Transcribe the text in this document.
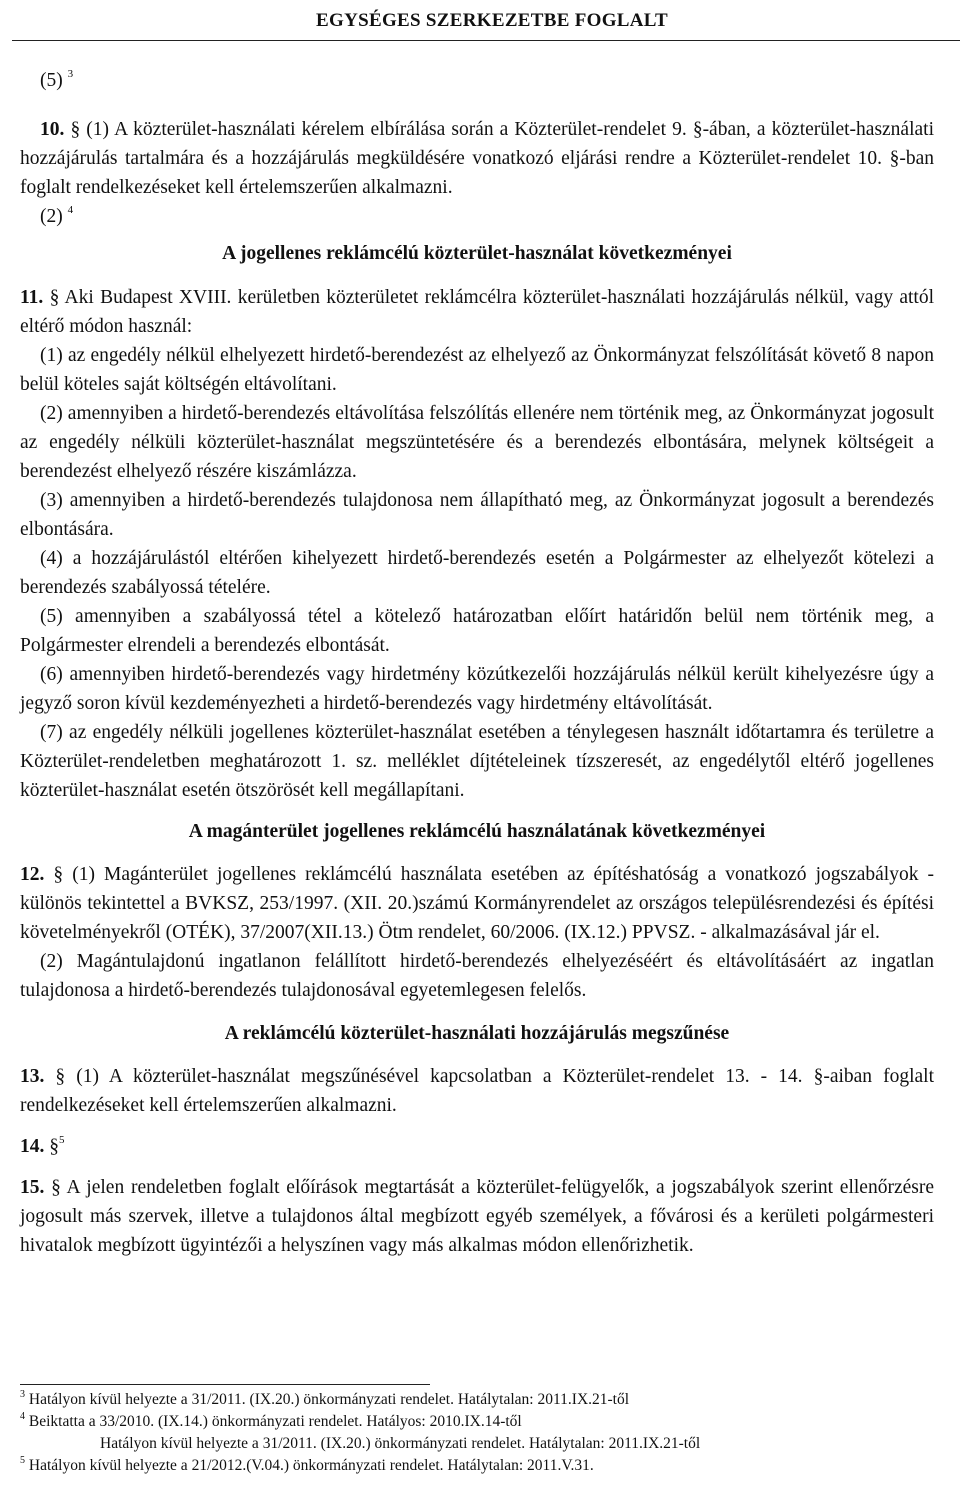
EGYSÉGES SZERKEZETBE FOGLALT

(5) $^3$

10. § (1) A közterület-használati kérelem elbírálása során a Közterület-rendelet 9. §-ában, a közterület-használati hozzájárulás tartalmára és a hozzájárulás megküldésére vonatkozó eljárási rendre a Közterület-rendelet 10. §-ban foglalt rendelkezéseket kell értelemszerűen alkalmazni.

(2) $^4$

A jogellenes reklámcélú közterület-használat következményei

11. § Aki Budapest XVIII. kerületben közterületet reklámcélra közterület-használati hozzájárulás nélkül, vagy attól eltérő módon használ:

(1) az engedély nélkül elhelyezett hirdető-berendezést az elhelyező az Önkormányzat felszólítását követő 8 napon belül köteles saját költségén eltávolítani.

(2) amennyiben a hirdető-berendezés eltávolítása felszólítás ellenére nem történik meg, az Önkormányzat jogosult az engedély nélküli közterület-használat megszüntetésére és a berendezés elbontására, melynek költségeit a berendezést elhelyező részére kiszámlázza.

(3) amennyiben a hirdető-berendezés tulajdonosa nem állapítható meg, az Önkormányzat jogosult a berendezés elbontására.

(4) a hozzájárulástól eltérően kihelyezett hirdető-berendezés esetén a Polgármester az elhelyezőt kötelezi a berendezés szabályossá tételére.

(5) amennyiben a szabályossá tétel a kötelező határozatban előírt határidőn belül nem történik meg, a Polgármester elrendeli a berendezés elbontását.

(6) amennyiben hirdető-berendezés vagy hirdetmény közútkezelői hozzájárulás nélkül került kihelyezésre úgy a jegyző soron kívül kezdeményezheti a hirdető-berendezés vagy hirdetmény eltávolítását.

(7) az engedély nélküli jogellenes közterület-használat esetében a ténylegesen használt időtartamra és területre a Közterület-rendeletben meghatározott 1. sz. melléklet díjtételeinek tízszeresét, az engedélytől eltérő jogellenes közterület-használat esetén ötszörösét kell megállapítani.

A magánterület jogellenes reklámcélú használatának következményei

12. § (1) Magánterület jogellenes reklámcélú használata esetében az építéshatóság a vonatkozó jogszabályok - különös tekintettel a BVKSZ, 253/1997. (XII. 20.)számú Kormányrendelet az országos településrendezési és építési követelményekről (OTÉK), 37/2007(XII.13.) Ötm rendelet, 60/2006. (IX.12.) PPVSZ. - alkalmazásával jár el.

(2) Magántulajdonú ingatlanon felállított hirdető-berendezés elhelyezéséért és eltávolításáért az ingatlan tulajdonosa a hirdető-berendezés tulajdonosával egyetemlegesen felelős.

A reklámcélú közterület-használati hozzájárulás megszűnése

13. § (1) A közterület-használat megszűnésével kapcsolatban a Közterület-rendelet 13. - 14. §-aiban foglalt rendelkezéseket kell értelemszerűen alkalmazni.

14. §$^5$

15. § A jelen rendeletben foglalt előírások megtartását a közterület-felügyelők, a jogszabályok szerint ellenőrzésre jogosult más szervek, illetve a tulajdonos által megbízott egyéb személyek, a fővárosi és a kerületi polgármesteri hivatalok megbízott ügyintézői a helyszínen vagy más alkalmas módon ellenőrizhetik.

$^3$ Hatályon kívül helyezte a 31/2011. (IX.20.) önkormányzati rendelet. Hatálytalan: 2011.IX.21-től
$^4$ Beiktatta a 33/2010. (IX.14.) önkormányzati rendelet. Hatályos: 2010.IX.14-től
Hatályon kívül helyezte a 31/2011. (IX.20.) önkormányzati rendelet. Hatálytalan: 2011.IX.21-től
$^5$ Hatályon kívül helyezte a 21/2012.(V.04.) önkormányzati rendelet. Hatálytalan: 2011.V.31.
